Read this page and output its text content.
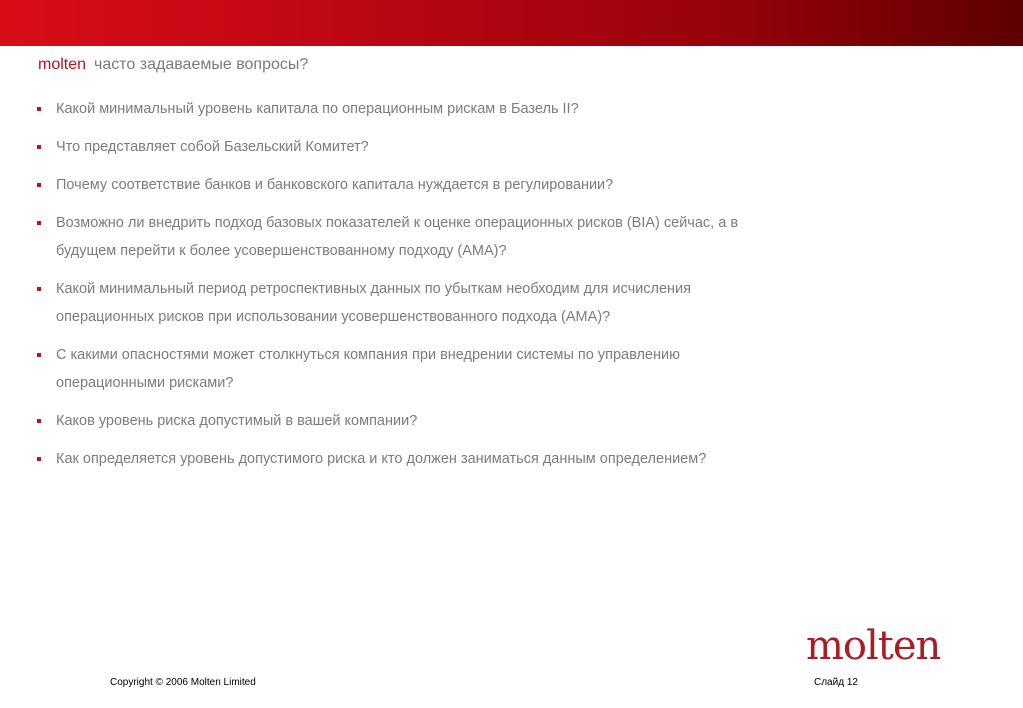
molten часто задаваемые вопросы?
Какой минимальный уровень капитала по операционным рискам в Базель II?
Что представляет собой Базельский Комитет?
Почему соответствие банков и банковского капитала нуждается в регулировании?
Возможно ли внедрить подход базовых показателей к оценке операционных рисков (BIA) сейчас, а в будущем перейти к более усовершенствованному подходу (AMA)?
Какой минимальный период ретроспективных данных по убыткам необходим для исчисления операционных рисков при использовании усовершенствованного подхода (AMA)?
С какими опасностями может столкнуться компания при внедрении системы по управлению операционными рисками?
Каков уровень риска допустимый в вашей компании?
Как определяется уровень допустимого риска и кто должен заниматься данным определением?
molten
Copyright © 2006 Molten Limited	Слайд 12
